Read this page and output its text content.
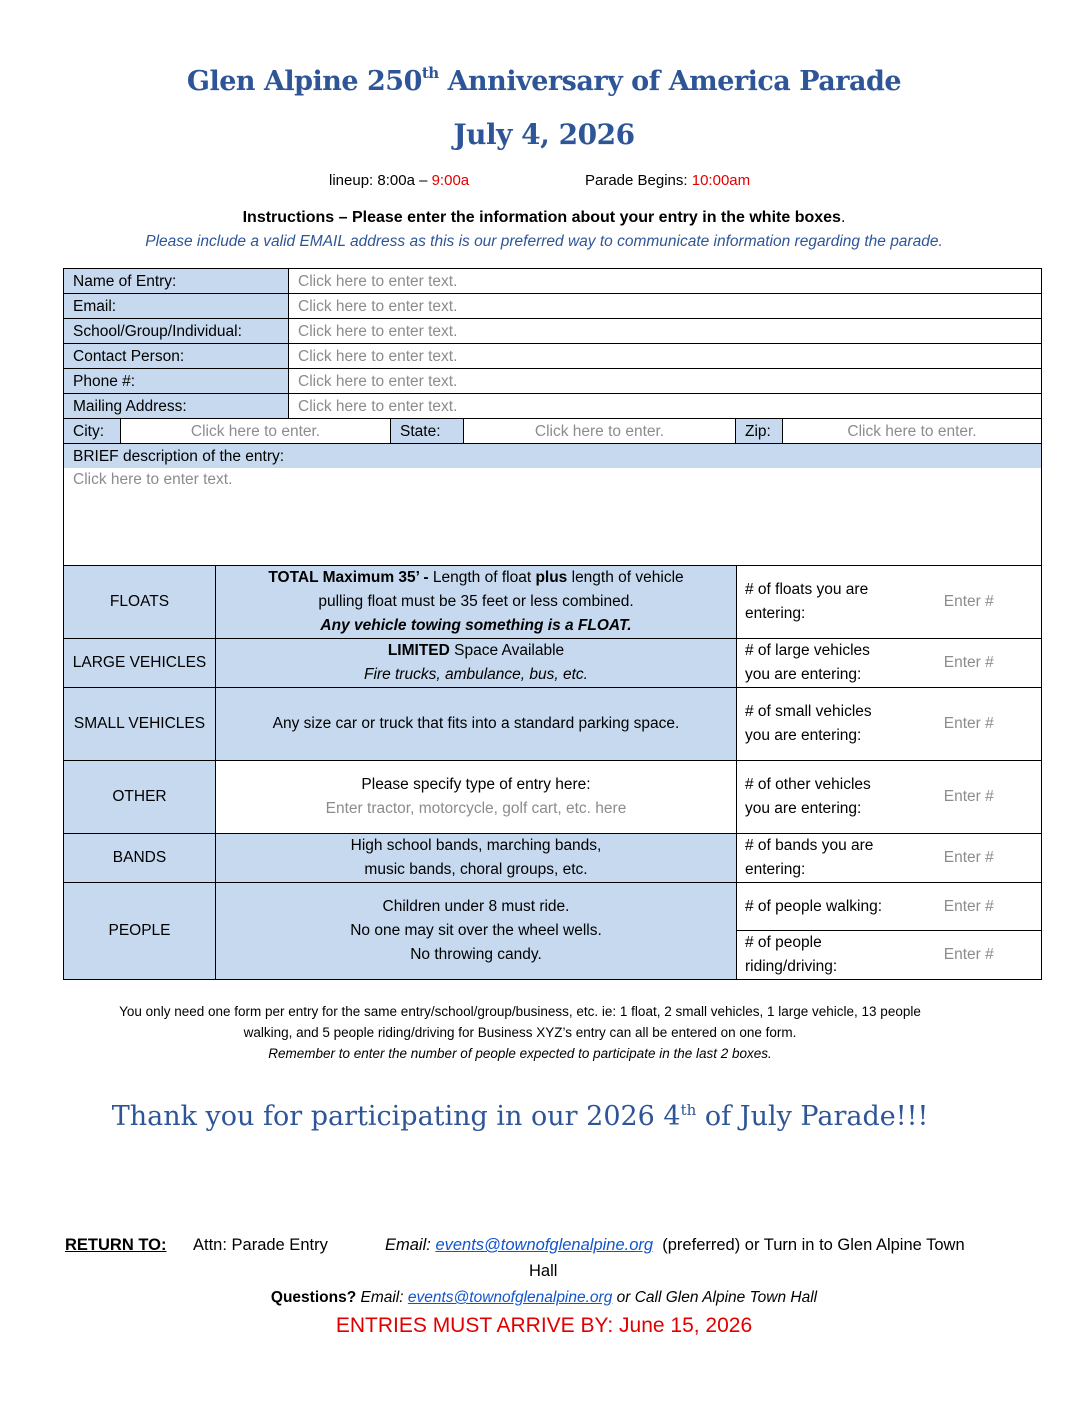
Glen Alpine 250th Anniversary of America Parade
July 4, 2026
lineup: 8:00a – 9:00a	Parade Begins: 10:00am
Instructions – Please enter the information about your entry in the white boxes.
Please include a valid EMAIL address as this is our preferred way to communicate information regarding the parade.
Name of Entry:		Click here to enter text.				
Email:		Click here to enter text.				
School/Group/Individual:		Click here to enter text.				
Contact Person:		Click here to enter text.				
Phone #:		Click here to enter text.				
Mailing Address:		Click here to enter text.				
City:	Click here to enter.		State:	Click here to enter.	Zip:	Click here to enter.
BRIEF description of the entry:						
Click here to enter text.						
FLOATS	TOTAL Maximum 35’ - Length of float plus length of vehicle
pulling float must be 35 feet or less combined.
Any vehicle towing something is a FLOAT.	# of floats you are entering:	Enter #
LARGE VEHICLES	LIMITED Space Available
Fire trucks, ambulance, bus, etc.	# of large vehicles you are entering:	Enter #
SMALL VEHICLES	Any size car or truck that fits into a standard parking space.	# of small vehicles you are entering:	Enter #
OTHER	Please specify type of entry here:
Enter tractor, motorcycle, golf cart, etc. here	# of other vehicles you are entering:	Enter #
BANDS	High school bands, marching bands,
music bands, choral groups, etc.	# of bands you are entering:	Enter #
PEOPLE	Children under 8 must ride.
No one may sit over the wheel wells.
No throwing candy.	# of people walking:	Enter #
		# of people riding/driving:	Enter #
You only need one form per entry for the same entry/school/group/business, etc. ie: 1 float, 2 small vehicles, 1 large vehicle, 13 people
walking, and 5 people riding/driving for Business XYZ’s entry can all be entered on one form.
Remember to enter the number of people expected to participate in the last 2 boxes.
Thank you for participating in our 2026 4th of July Parade!!!
RETURN TO: Attn: Parade Entry	Email: events@townofglenalpine.org (preferred) or Turn in to Glen Alpine Town
Hall
Questions? Email: events@townofglenalpine.org or Call Glen Alpine Town Hall
ENTRIES MUST ARRIVE BY: June 15, 2026
